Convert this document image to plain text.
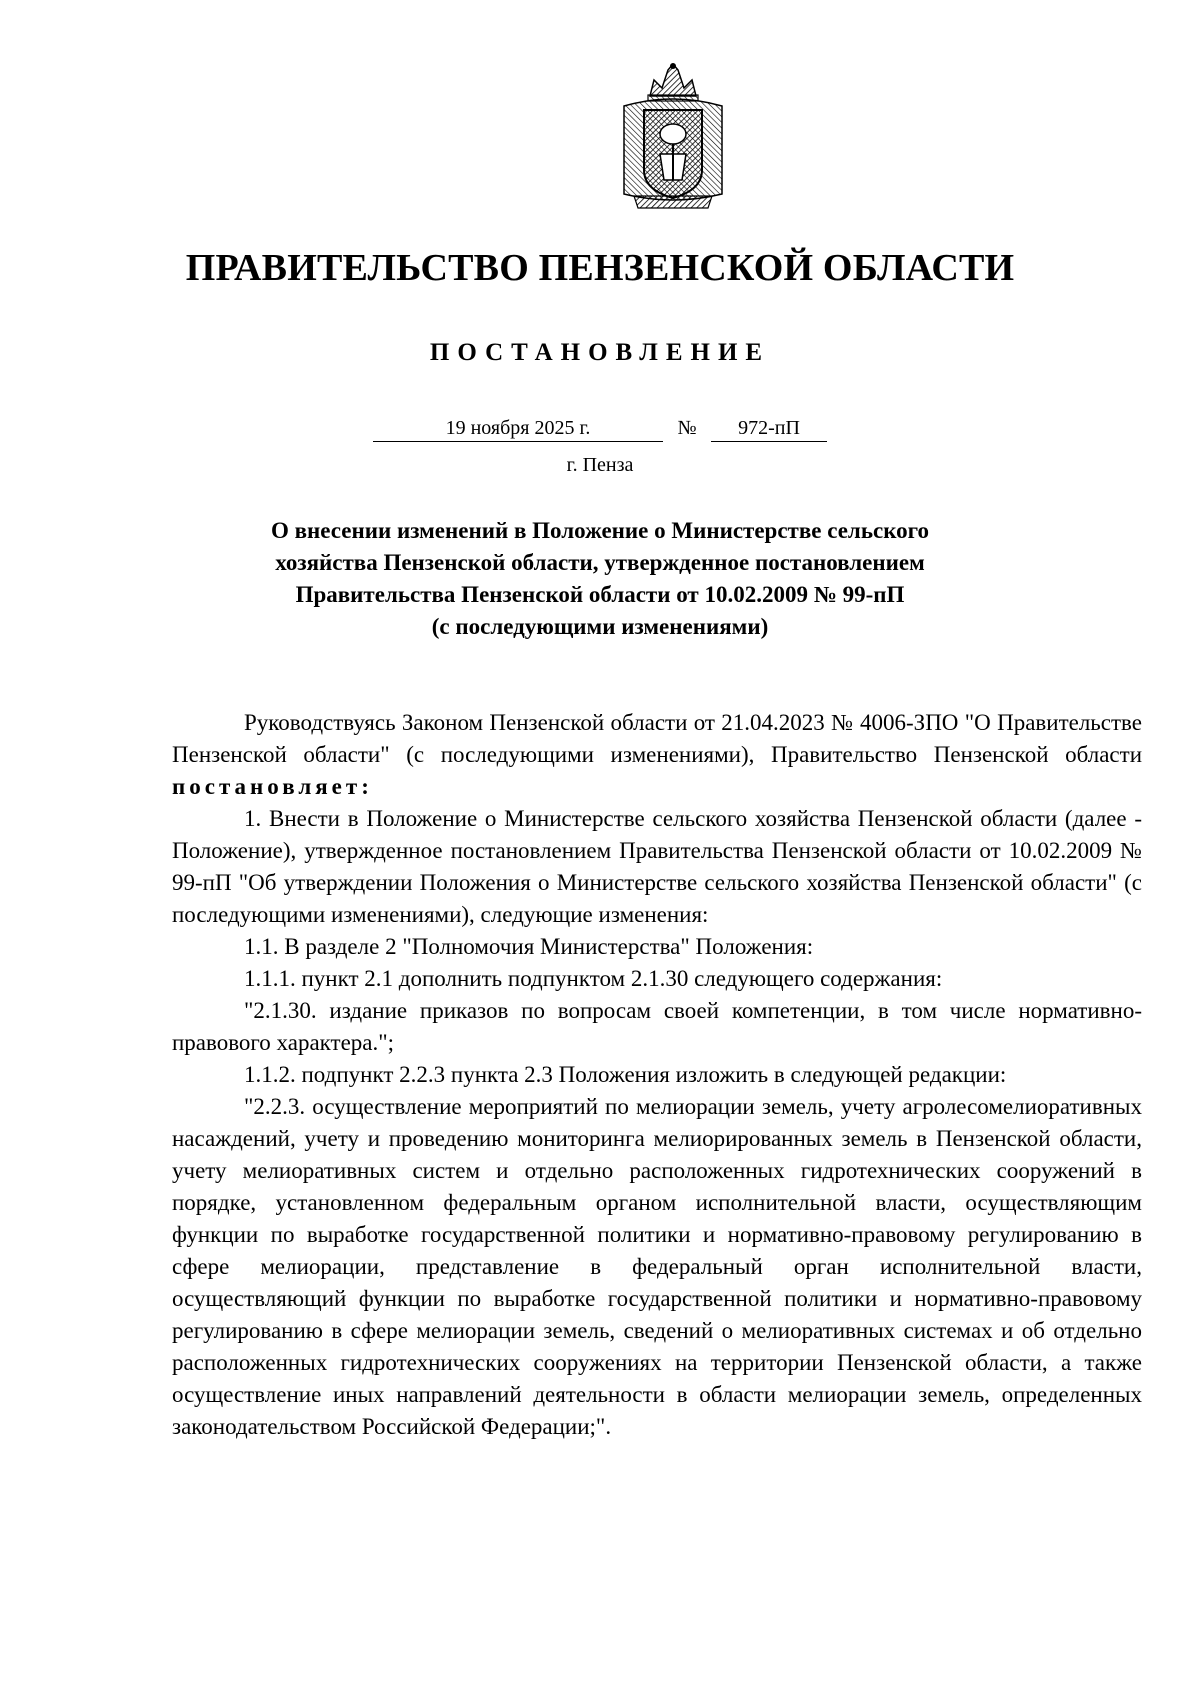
ПРАВИТЕЛЬСТВО ПЕНЗЕНСКОЙ ОБЛАСТИ
ПОСТАНОВЛЕНИЕ
19 ноября 2025 г.	№ 972-пП
г. Пенза
О внесении изменений в Положение о Министерстве сельского
хозяйства Пензенской области, утвержденное постановлением
Правительства Пензенской области от 10.02.2009 № 99-пП
(с последующими изменениями)

Руководствуясь Законом Пензенской области от 21.04.2023 № 4006-ЗПО "О Правительстве Пензенской области" (с последующими изменениями), Правительство Пензенской области постановляет:

1. Внести в Положение о Министерстве сельского хозяйства Пензенской области (далее - Положение), утвержденное постановлением Правительства Пензенской области от 10.02.2009 № 99-пП "Об утверждении Положения о Министерстве сельского хозяйства Пензенской области" (с последующими изменениями), следующие изменения:

1.1. В разделе 2 "Полномочия Министерства" Положения:

1.1.1. пункт 2.1 дополнить подпунктом 2.1.30 следующего содержания:

"2.1.30. издание приказов по вопросам своей компетенции, в том числе нормативно-правового характера.";

1.1.2. подпункт 2.2.3 пункта 2.3 Положения изложить в следующей редакции:

"2.2.3. осуществление мероприятий по мелиорации земель, учету агролесомелиоративных насаждений, учету и проведению мониторинга мелиорированных земель в Пензенской области, учету мелиоративных систем и отдельно расположенных гидротехнических сооружений в порядке, установленном федеральным органом исполнительной власти, осуществляющим функции по выработке государственной политики и нормативно-правовому регулированию в сфере мелиорации, представление в федеральный орган исполнительной власти, осуществляющий функции по выработке государственной политики и нормативно-правовому регулированию в сфере мелиорации земель, сведений о мелиоративных системах и об отдельно расположенных гидротехнических сооружениях на территории Пензенской области, а также осуществление иных направлений деятельности в области мелиорации земель, определенных законодательством Российской Федерации;".
